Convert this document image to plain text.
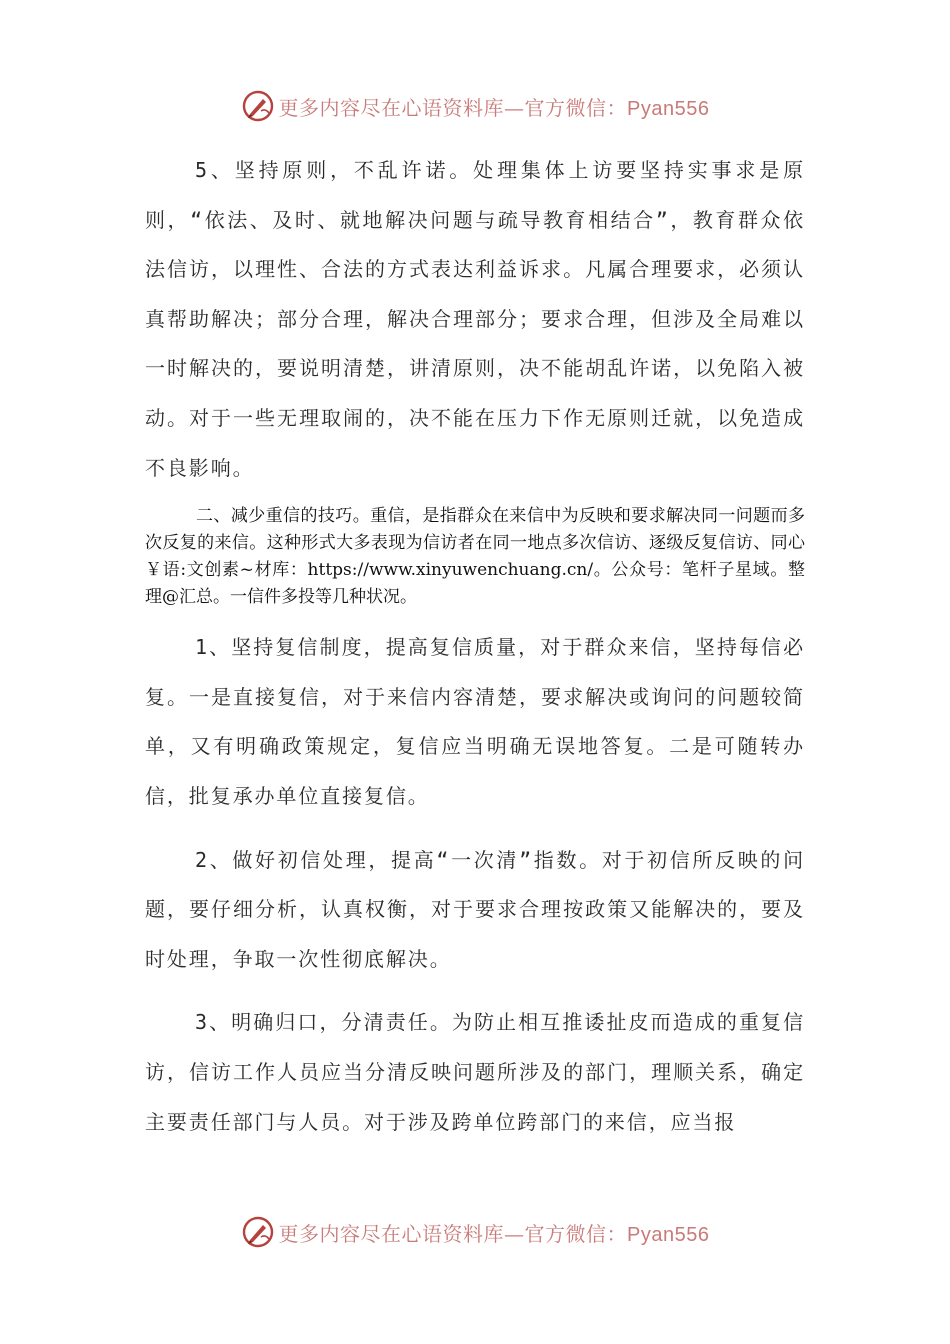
更多内容尽在心语资料库—官方微信：Pyan556

5、坚持原则，不乱许诺。处理集体上访要坚持实事求是原则，“依法、及时、就地解决问题与疏导教育相结合”，教育群众依法信访，以理性、合法的方式表达利益诉求。凡属合理要求，必须认真帮助解决；部分合理，解决合理部分；要求合理，但涉及全局难以一时解决的，要说明清楚，讲清原则，决不能胡乱许诺，以免陷入被动。对于一些无理取闹的，决不能在压力下作无原则迁就，以免造成不良影响。

二、减少重信的技巧。重信，是指群众在来信中为反映和要求解决同一问题而多次反复的来信。这种形式大多表现为信访者在同一地点多次信访、逐级反复信访、同心￥语:文创素~材库：https://www.xinyuwenchuang.cn/。公众号：笔杆子星域。整理@汇总。一信件多投等几种状况。

1、坚持复信制度，提高复信质量，对于群众来信，坚持每信必复。一是直接复信，对于来信内容清楚，要求解决或询问的问题较简单，又有明确政策规定，复信应当明确无误地答复。二是可随转办信，批复承办单位直接复信。

2、做好初信处理，提高“一次清”指数。对于初信所反映的问题，要仔细分析，认真权衡，对于要求合理按政策又能解决的，要及时处理，争取一次性彻底解决。

3、明确归口，分清责任。为防止相互推诿扯皮而造成的重复信访，信访工作人员应当分清反映问题所涉及的部门，理顺关系，确定主要责任部门与人员。对于涉及跨单位跨部门的来信，应当报

更多内容尽在心语资料库—官方微信：Pyan556
